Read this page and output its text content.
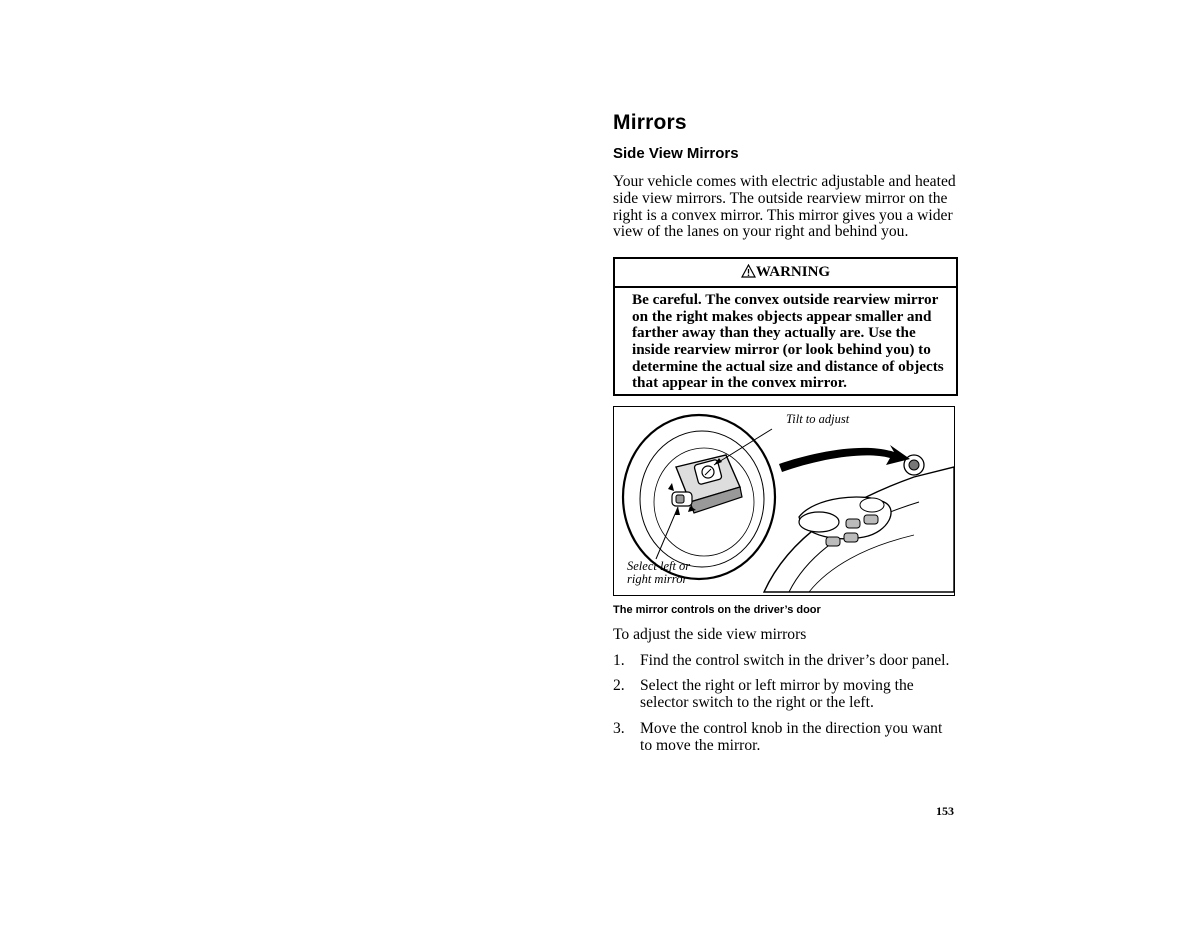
Mirrors
Side View Mirrors

Your vehicle comes with electric adjustable and heated side view mirrors. The outside rearview mirror on the right is a convex mirror. This mirror gives you a wider view of the lanes on your right and behind you.

WARNING

Be careful. The convex outside rearview mirror on the right makes objects appear smaller and farther away than they actually are. Use the inside rearview mirror (or look behind you) to determine the actual size and distance of objects that appear in the convex mirror.

Tilt to adjust
Select left or
right mirror
The mirror controls on the driver’s door

To adjust the side view mirrors

1. Find the control switch in the driver’s door panel.
2. Select the right or left mirror by moving the selector switch to the right or the left.
3. Move the control knob in the direction you want to move the mirror.
153
